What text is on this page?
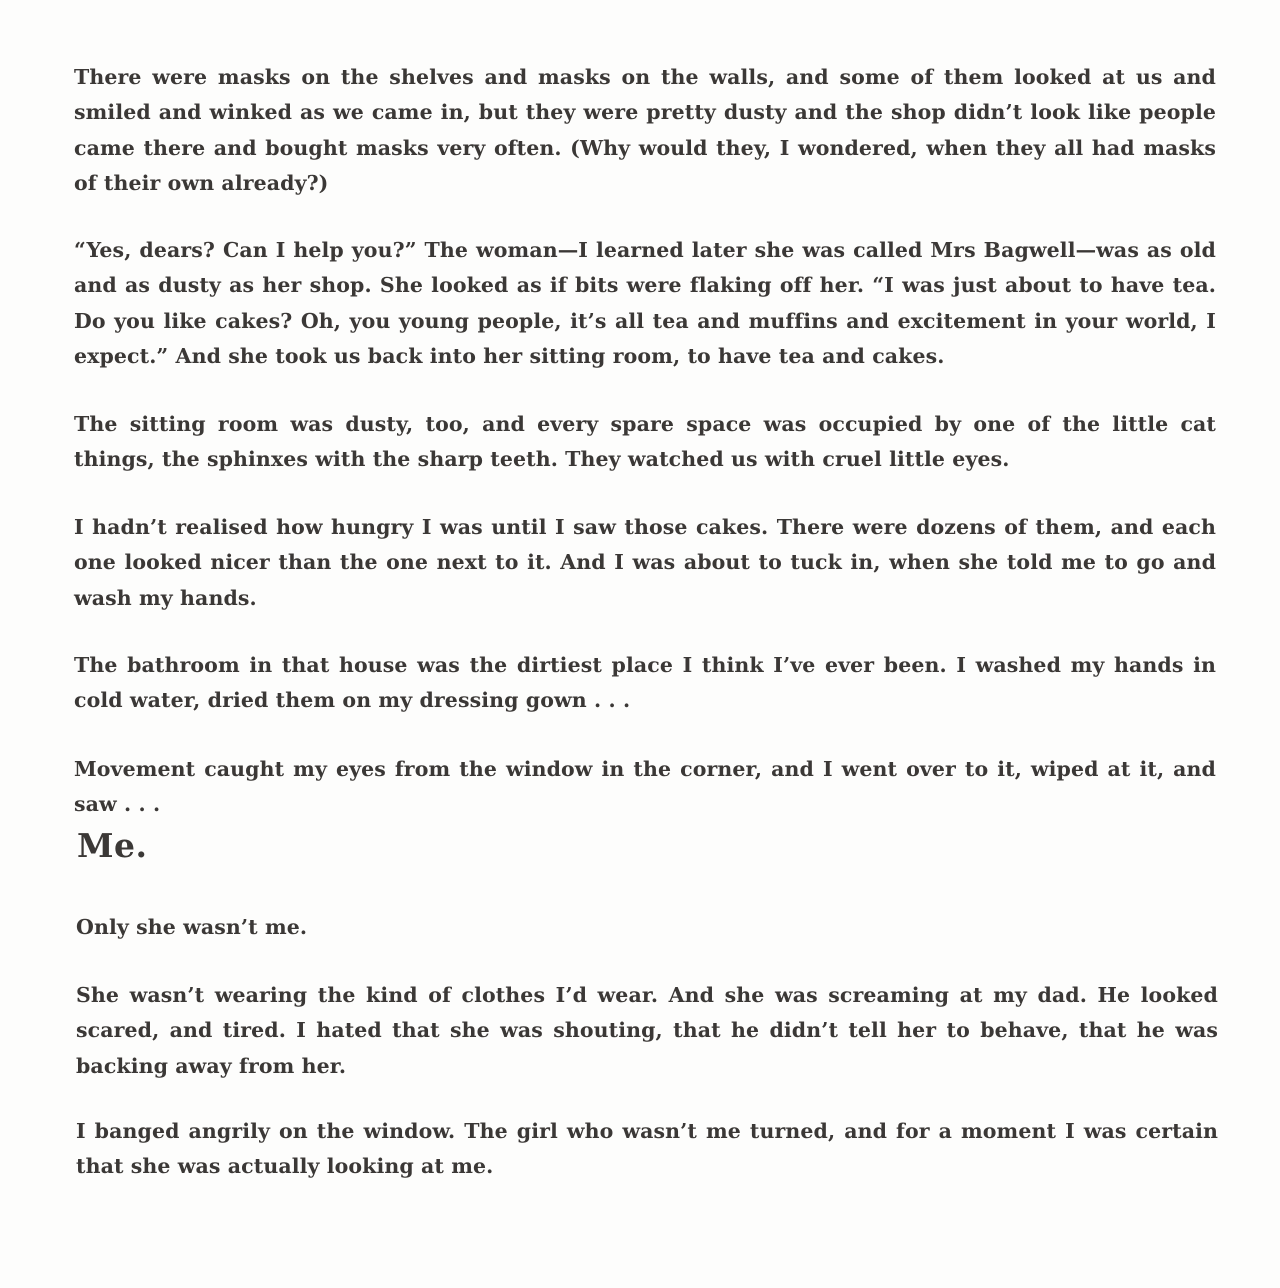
There were masks on the shelves and masks on the walls, and some of them looked at us and smiled and winked as we came in, but they were pretty dusty and the shop didn’t look like people came there and bought masks very often. (Why would they, I wondered, when they all had masks of their own already?)

“Yes, dears? Can I help you?” The woman—I learned later she was called Mrs Bagwell—was as old and as dusty as her shop. She looked as if bits were flaking off her. “I was just about to have tea. Do you like cakes? Oh, you young people, it’s all tea and muffins and excitement in your world, I expect.” And she took us back into her sitting room, to have tea and cakes.

The sitting room was dusty, too, and every spare space was occupied by one of the little cat things, the sphinxes with the sharp teeth. They watched us with cruel little eyes.

I hadn’t realised how hungry I was until I saw those cakes. There were dozens of them, and each one looked nicer than the one next to it. And I was about to tuck in, when she told me to go and wash my hands.

The bathroom in that house was the dirtiest place I think I’ve ever been. I washed my hands in cold water, dried them on my dressing gown . . .

Movement caught my eyes from the window in the corner, and I went over to it, wiped at it, and saw . . .

Me.

Only she wasn’t me.

She wasn’t wearing the kind of clothes I’d wear. And she was screaming at my dad. He looked scared, and tired. I hated that she was shouting, that he didn’t tell her to behave, that he was backing away from her.

I banged angrily on the window. The girl who wasn’t me turned, and for a moment I was certain that she was actually looking at me.
